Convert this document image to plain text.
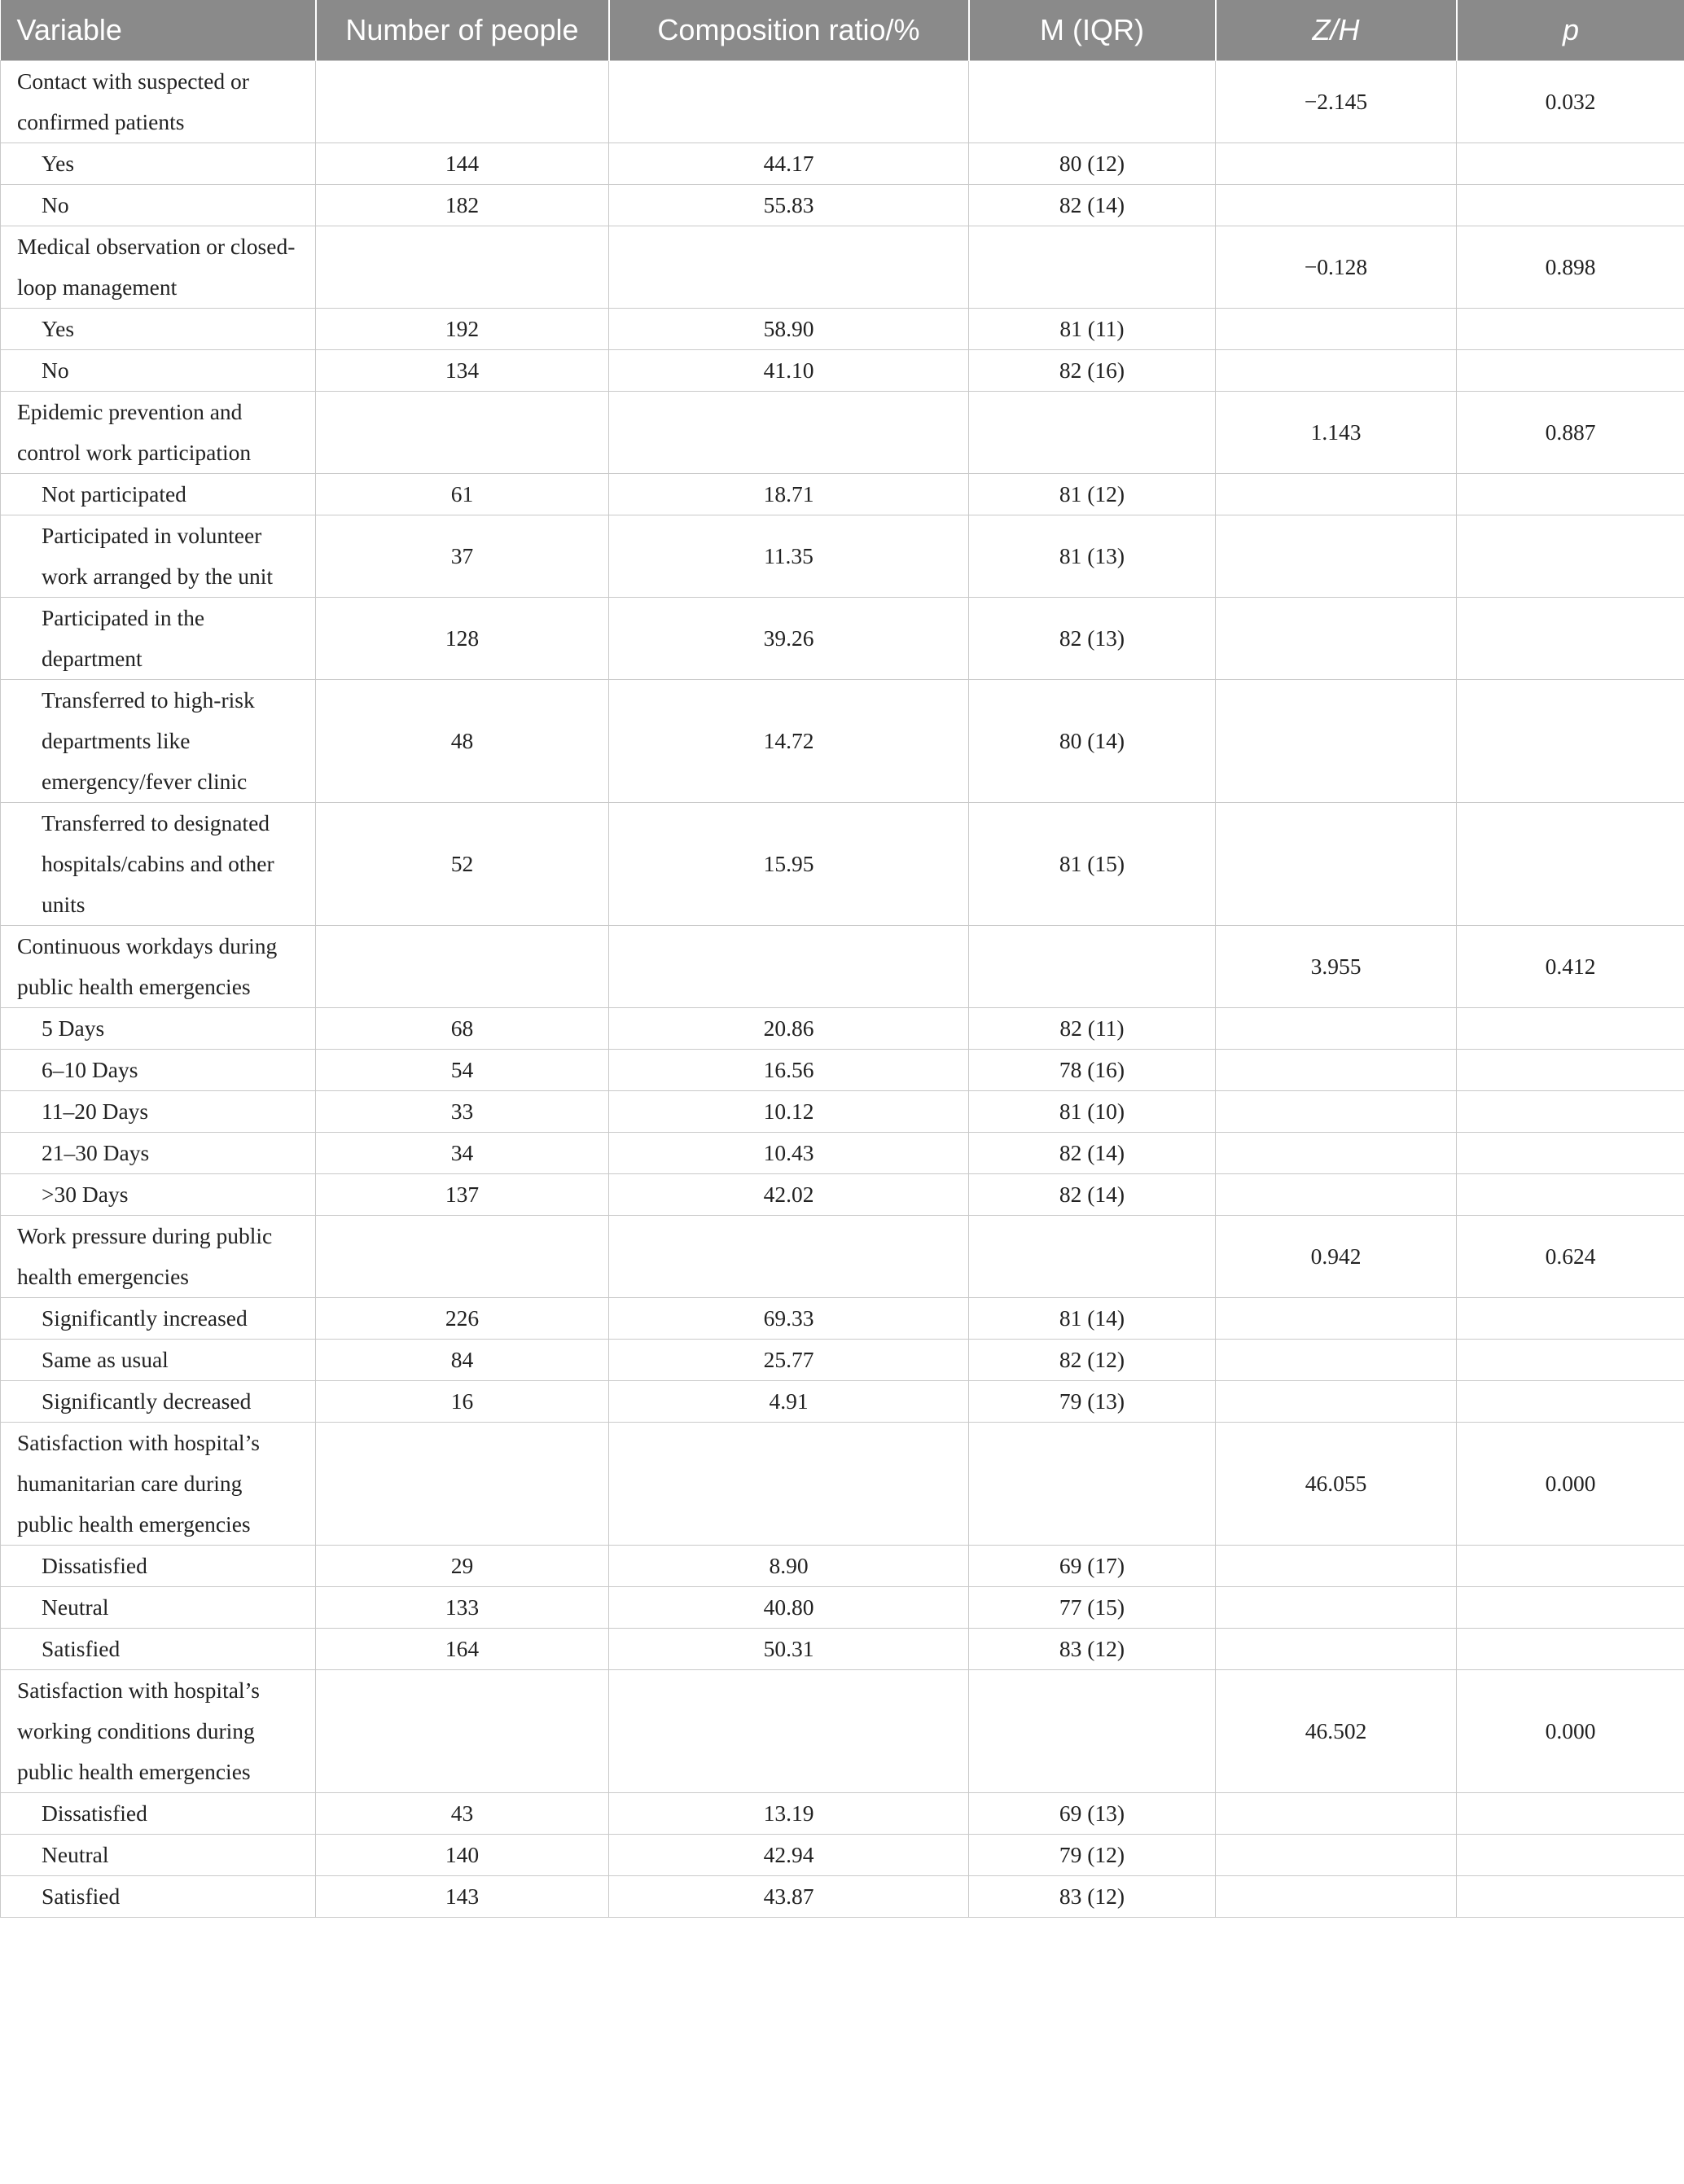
Variable	Number of people	Composition ratio/%	M (IQR)	Z/H	p
Contact with suspected or confirmed patients				−2.145	0.032
Yes	144	44.17	80 (12)		
No	182	55.83	82 (14)		
Medical observation or closed-loop management				−0.128	0.898
Yes	192	58.90	81 (11)		
No	134	41.10	82 (16)		
Epidemic prevention and control work participation				1.143	0.887
Not participated	61	18.71	81 (12)		
Participated in volunteer work arranged by the unit	37	11.35	81 (13)		
Participated in the department	128	39.26	82 (13)		
Transferred to high-risk departments like emergency/fever clinic	48	14.72	80 (14)		
Transferred to designated hospitals/cabins and other units	52	15.95	81 (15)		
Continuous workdays during public health emergencies				3.955	0.412
5 Days	68	20.86	82 (11)		
6–10 Days	54	16.56	78 (16)		
11–20 Days	33	10.12	81 (10)		
21–30 Days	34	10.43	82 (14)		
>30 Days	137	42.02	82 (14)		
Work pressure during public health emergencies				0.942	0.624
Significantly increased	226	69.33	81 (14)		
Same as usual	84	25.77	82 (12)		
Significantly decreased	16	4.91	79 (13)		
Satisfaction with hospital’s humanitarian care during public health emergencies				46.055	0.000
Dissatisfied	29	8.90	69 (17)		
Neutral	133	40.80	77 (15)		
Satisfied	164	50.31	83 (12)		
Satisfaction with hospital’s working conditions during public health emergencies				46.502	0.000
Dissatisfied	43	13.19	69 (13)		
Neutral	140	42.94	79 (12)		
Satisfied	143	43.87	83 (12)		
